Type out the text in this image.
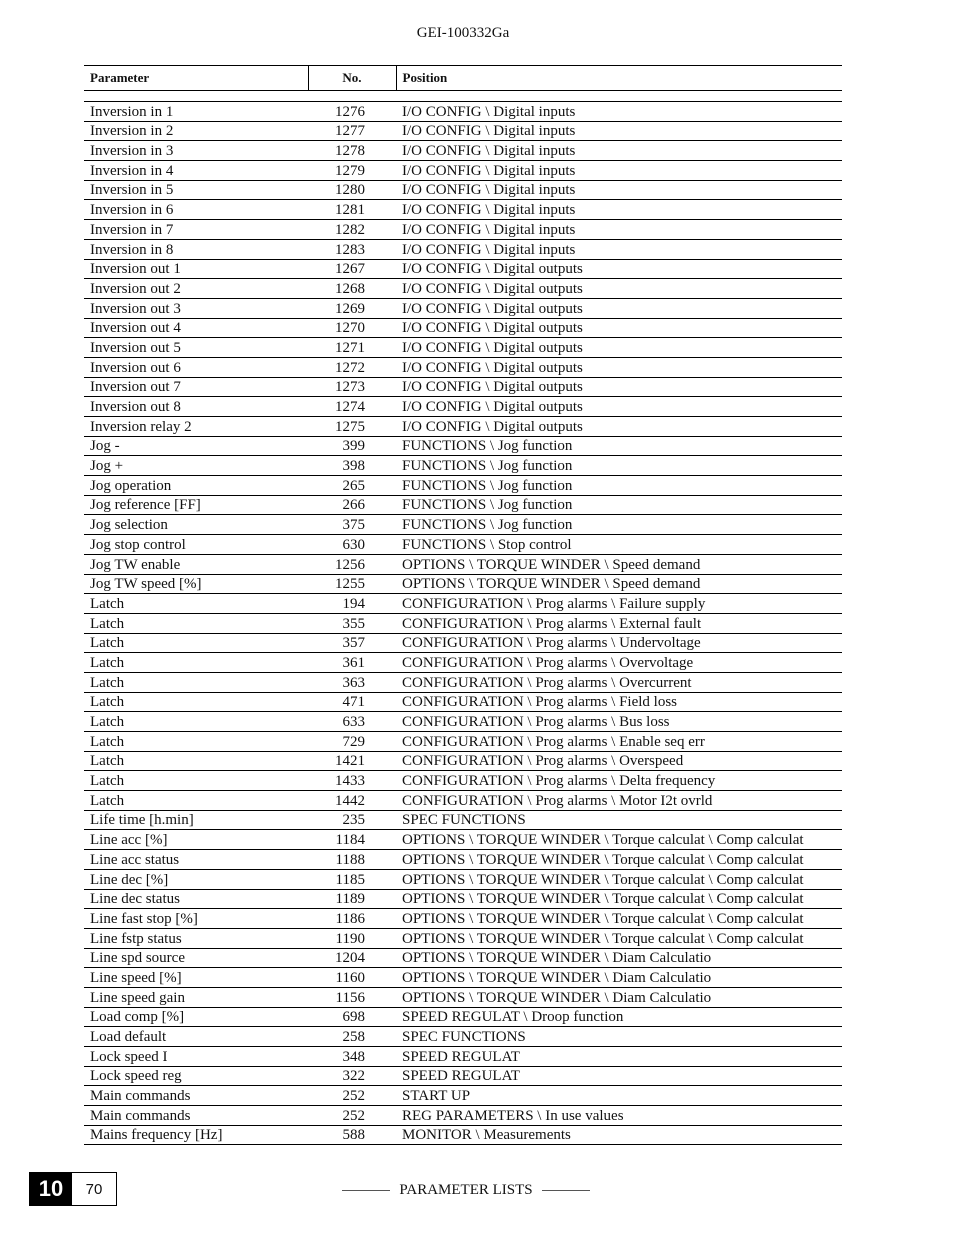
GEI-100332Ga
Parameter	No.	Position

Inversion in 1	1276	I/O CONFIG \ Digital inputs
Inversion in 2	1277	I/O CONFIG \ Digital inputs
Inversion in 3	1278	I/O CONFIG \ Digital inputs
Inversion in 4	1279	I/O CONFIG \ Digital inputs
Inversion in 5	1280	I/O CONFIG \ Digital inputs
Inversion in 6	1281	I/O CONFIG \ Digital inputs
Inversion in 7	1282	I/O CONFIG \ Digital inputs
Inversion in 8	1283	I/O CONFIG \ Digital inputs
Inversion out 1	1267	I/O CONFIG \ Digital outputs
Inversion out 2	1268	I/O CONFIG \ Digital outputs
Inversion out 3	1269	I/O CONFIG \ Digital outputs
Inversion out 4	1270	I/O CONFIG \ Digital outputs
Inversion out 5	1271	I/O CONFIG \ Digital outputs
Inversion out 6	1272	I/O CONFIG \ Digital outputs
Inversion out 7	1273	I/O CONFIG \ Digital outputs
Inversion out 8	1274	I/O CONFIG \ Digital outputs
Inversion relay 2	1275	I/O CONFIG \ Digital outputs
Jog -	399	FUNCTIONS \ Jog function
Jog +	398	FUNCTIONS \ Jog function
Jog operation	265	FUNCTIONS \ Jog function
Jog reference [FF]	266	FUNCTIONS \ Jog function
Jog selection	375	FUNCTIONS \ Jog function
Jog stop control	630	FUNCTIONS \ Stop control
Jog TW enable	1256	OPTIONS \ TORQUE WINDER \ Speed demand
Jog TW speed [%]	1255	OPTIONS \ TORQUE WINDER \ Speed demand
Latch	194	CONFIGURATION \ Prog alarms \ Failure supply
Latch	355	CONFIGURATION \ Prog alarms \ External fault
Latch	357	CONFIGURATION \ Prog alarms \ Undervoltage
Latch	361	CONFIGURATION \ Prog alarms \ Overvoltage
Latch	363	CONFIGURATION \ Prog alarms \ Overcurrent
Latch	471	CONFIGURATION \ Prog alarms \ Field loss
Latch	633	CONFIGURATION \ Prog alarms \ Bus loss
Latch	729	CONFIGURATION \ Prog alarms \ Enable seq err
Latch	1421	CONFIGURATION \ Prog alarms \ Overspeed
Latch	1433	CONFIGURATION \ Prog alarms \ Delta frequency
Latch	1442	CONFIGURATION \ Prog alarms \ Motor I2t ovrld
Life time [h.min]	235	SPEC FUNCTIONS
Line acc [%]	1184	OPTIONS \ TORQUE WINDER \ Torque calculat \ Comp calculat
Line acc status	1188	OPTIONS \ TORQUE WINDER \ Torque calculat \ Comp calculat
Line dec [%]	1185	OPTIONS \ TORQUE WINDER \ Torque calculat \ Comp calculat
Line dec status	1189	OPTIONS \ TORQUE WINDER \ Torque calculat \ Comp calculat
Line fast stop [%]	1186	OPTIONS \ TORQUE WINDER \ Torque calculat \ Comp calculat
Line fstp status	1190	OPTIONS \ TORQUE WINDER \ Torque calculat \ Comp calculat
Line spd source	1204	OPTIONS \ TORQUE WINDER \ Diam Calculatio
Line speed [%]	1160	OPTIONS \ TORQUE WINDER \ Diam Calculatio
Line speed gain	1156	OPTIONS \ TORQUE WINDER \ Diam Calculatio
Load comp [%]	698	SPEED REGULAT \ Droop function
Load default	258	SPEC FUNCTIONS
Lock speed I	348	SPEED REGULAT
Lock speed reg	322	SPEED REGULAT
Main commands	252	START UP
Main commands	252	REG PARAMETERS \ In use values
Mains frequency [Hz]	588	MONITOR \ Measurements
10	70	PARAMETER LISTS
